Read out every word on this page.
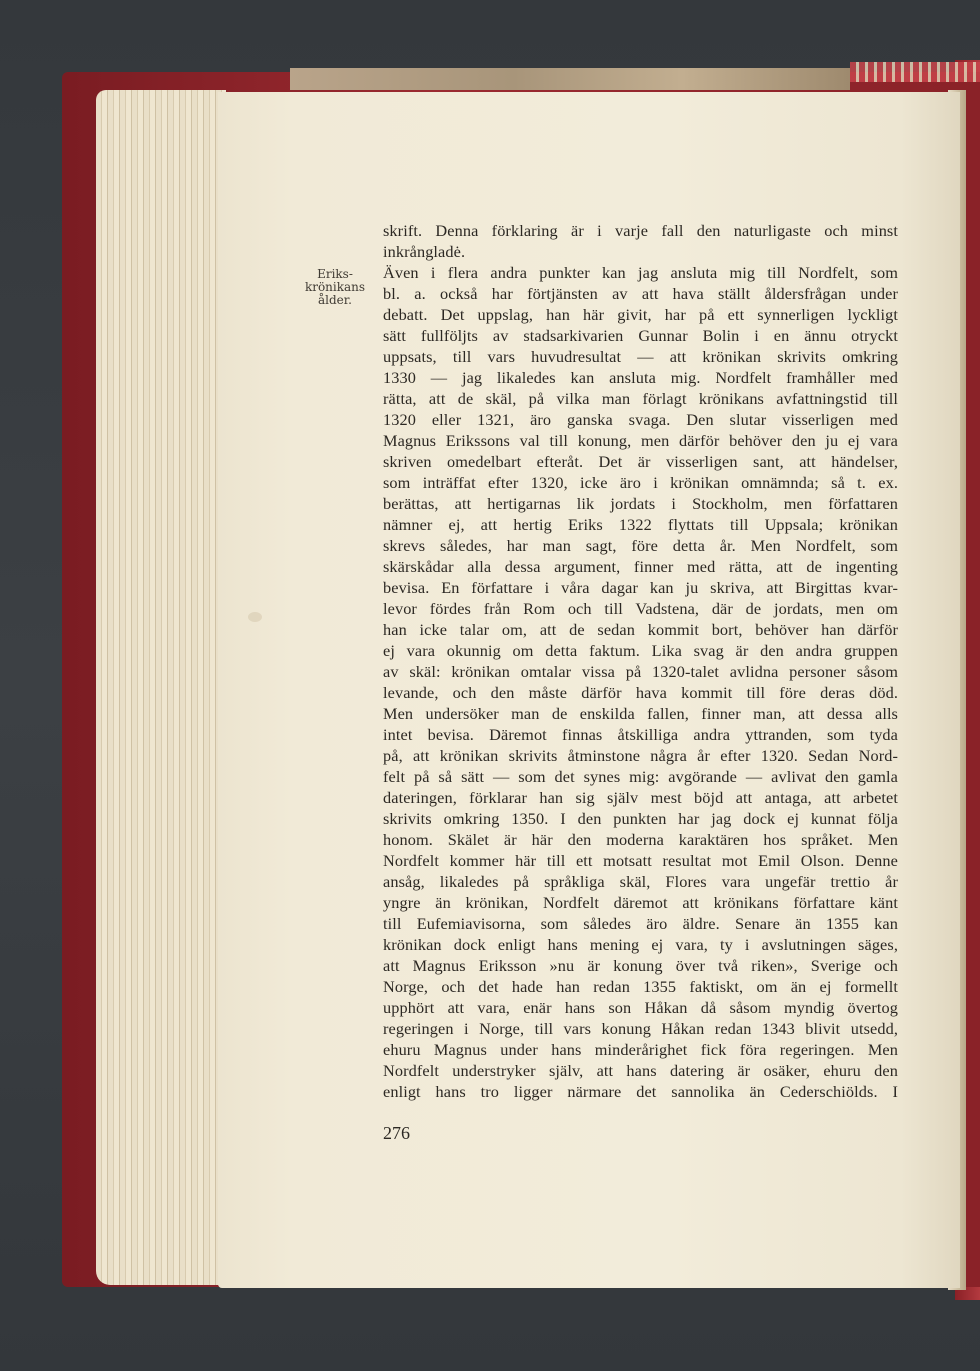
Eriks-
krönikans
ålder.
skrift. Denna förklaring är i varje fall den naturligaste och minst
inkrångladė.
Även i flera andra punkter kan jag ansluta mig till Nordfelt, som
bl. a. också har förtjänsten av att hava ställt åldersfrågan under
debatt. Det uppslag, han här givit, har på ett synnerligen lyckligt
sätt fullföljts av stadsarkivarien Gunnar Bolin i en ännu otryckt
uppsats, till vars huvudresultat — att krönikan skrivits omkring
1330 — jag likaledes kan ansluta mig. Nordfelt framhåller med
rätta, att de skäl, på vilka man förlagt krönikans avfattningstid till
1320 eller 1321, äro ganska svaga. Den slutar visserligen med
Magnus Erikssons val till konung, men därför behöver den ju ej vara
skriven omedelbart efteråt. Det är visserligen sant, att händelser,
som inträffat efter 1320, icke äro i krönikan omnämnda; så t. ex.
berättas, att hertigarnas lik jordats i Stockholm, men författaren
nämner ej, att hertig Eriks 1322 flyttats till Uppsala; krönikan
skrevs således, har man sagt, före detta år. Men Nordfelt, som
skärskådar alla dessa argument, finner med rätta, att de ingenting
bevisa. En författare i våra dagar kan ju skriva, att Birgittas kvar-
levor fördes från Rom och till Vadstena, där de jordats, men om
han icke talar om, att de sedan kommit bort, behöver han därför
ej vara okunnig om detta faktum. Lika svag är den andra gruppen
av skäl: krönikan omtalar vissa på 1320-talet avlidna personer såsom
levande, och den måste därför hava kommit till före deras död.
Men undersöker man de enskilda fallen, finner man, att dessa alls
intet bevisa. Däremot finnas åtskilliga andra yttranden, som tyda
på, att krönikan skrivits åtminstone några år efter 1320. Sedan Nord-
felt på så sätt — som det synes mig: avgörande — avlivat den gamla
dateringen, förklarar han sig själv mest böjd att antaga, att arbetet
skrivits omkring 1350. I den punkten har jag dock ej kunnat följa
honom. Skälet är här den moderna karaktären hos språket. Men
Nordfelt kommer här till ett motsatt resultat mot Emil Olson. Denne
ansåg, likaledes på språkliga skäl, Flores vara ungefär trettio år
yngre än krönikan, Nordfelt däremot att krönikans författare känt
till Eufemiavisorna, som således äro äldre. Senare än 1355 kan
krönikan dock enligt hans mening ej vara, ty i avslutningen säges,
att Magnus Eriksson »nu är konung över två riken», Sverige och
Norge, och det hade han redan 1355 faktiskt, om än ej formellt
upphört att vara, enär hans son Håkan då såsom myndig övertog
regeringen i Norge, till vars konung Håkan redan 1343 blivit utsedd,
ehuru Magnus under hans minderårighet fick föra regeringen. Men
Nordfelt understryker själv, att hans datering är osäker, ehuru den
enligt hans tro ligger närmare det sannolika än Cederschiölds. I
276
